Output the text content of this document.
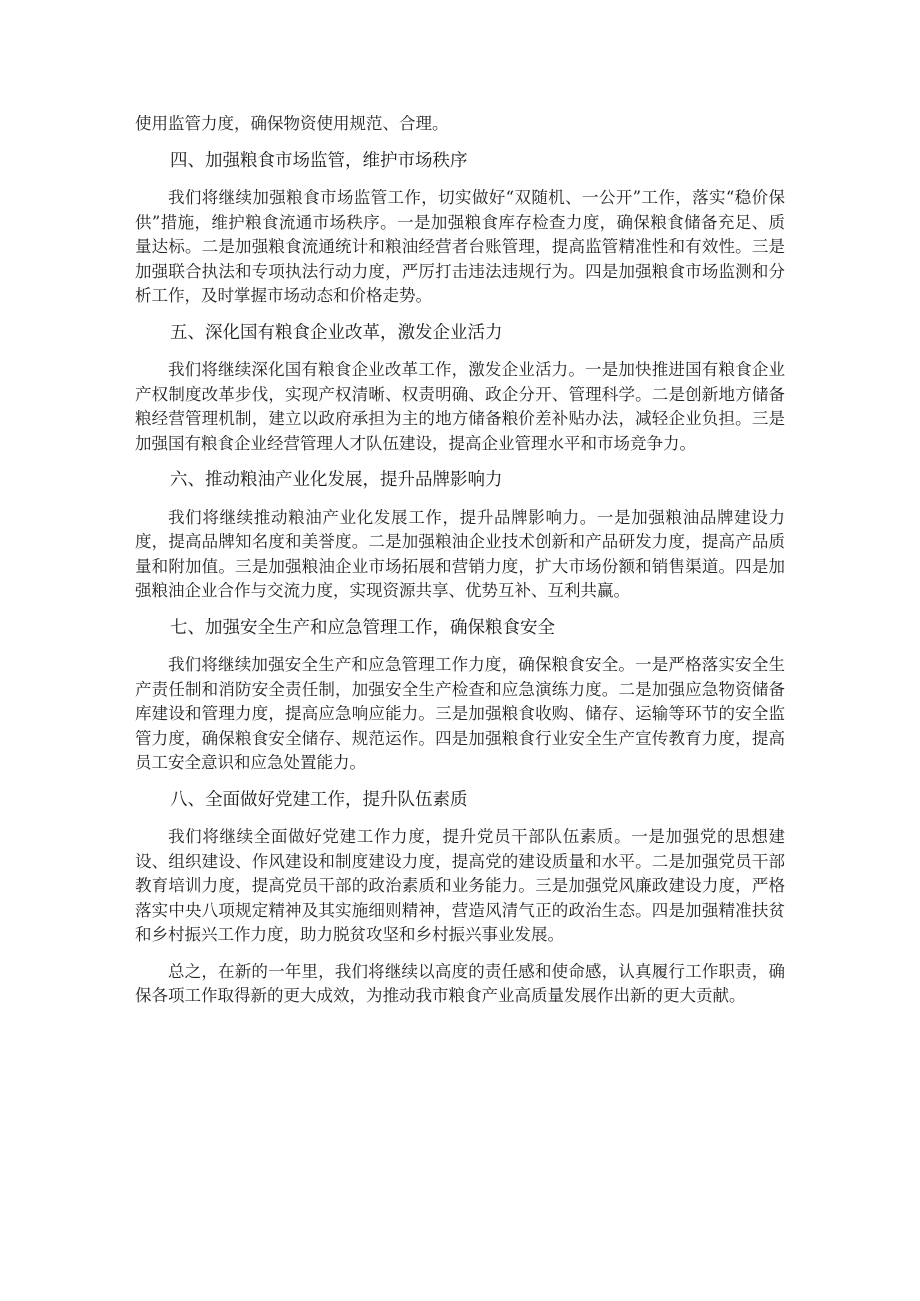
使用监管力度，确保物资使用规范、合理。

四、加强粮食市场监管，维护市场秩序

我们将继续加强粮食市场监管工作，切实做好“双随机、一公开”工作，落实“稳价保供”措施，维护粮食流通市场秩序。一是加强粮食库存检查力度，确保粮食储备充足、质量达标。二是加强粮食流通统计和粮油经营者台账管理，提高监管精准性和有效性。三是加强联合执法和专项执法行动力度，严厉打击违法违规行为。四是加强粮食市场监测和分析工作，及时掌握市场动态和价格走势。

五、深化国有粮食企业改革，激发企业活力

我们将继续深化国有粮食企业改革工作，激发企业活力。一是加快推进国有粮食企业产权制度改革步伐，实现产权清晰、权责明确、政企分开、管理科学。二是创新地方储备粮经营管理机制，建立以政府承担为主的地方储备粮价差补贴办法，减轻企业负担。三是加强国有粮食企业经营管理人才队伍建设，提高企业管理水平和市场竞争力。

六、推动粮油产业化发展，提升品牌影响力

我们将继续推动粮油产业化发展工作，提升品牌影响力。一是加强粮油品牌建设力度，提高品牌知名度和美誉度。二是加强粮油企业技术创新和产品研发力度，提高产品质量和附加值。三是加强粮油企业市场拓展和营销力度，扩大市场份额和销售渠道。四是加强粮油企业合作与交流力度，实现资源共享、优势互补、互利共赢。

七、加强安全生产和应急管理工作，确保粮食安全

我们将继续加强安全生产和应急管理工作力度，确保粮食安全。一是严格落实安全生产责任制和消防安全责任制，加强安全生产检查和应急演练力度。二是加强应急物资储备库建设和管理力度，提高应急响应能力。三是加强粮食收购、储存、运输等环节的安全监管力度，确保粮食安全储存、规范运作。四是加强粮食行业安全生产宣传教育力度，提高员工安全意识和应急处置能力。

八、全面做好党建工作，提升队伍素质

我们将继续全面做好党建工作力度，提升党员干部队伍素质。一是加强党的思想建设、组织建设、作风建设和制度建设力度，提高党的建设质量和水平。二是加强党员干部教育培训力度，提高党员干部的政治素质和业务能力。三是加强党风廉政建设力度，严格落实中央八项规定精神及其实施细则精神，营造风清气正的政治生态。四是加强精准扶贫和乡村振兴工作力度，助力脱贫攻坚和乡村振兴事业发展。

总之，在新的一年里，我们将继续以高度的责任感和使命感，认真履行工作职责，确保各项工作取得新的更大成效，为推动我市粮食产业高质量发展作出新的更大贡献。
